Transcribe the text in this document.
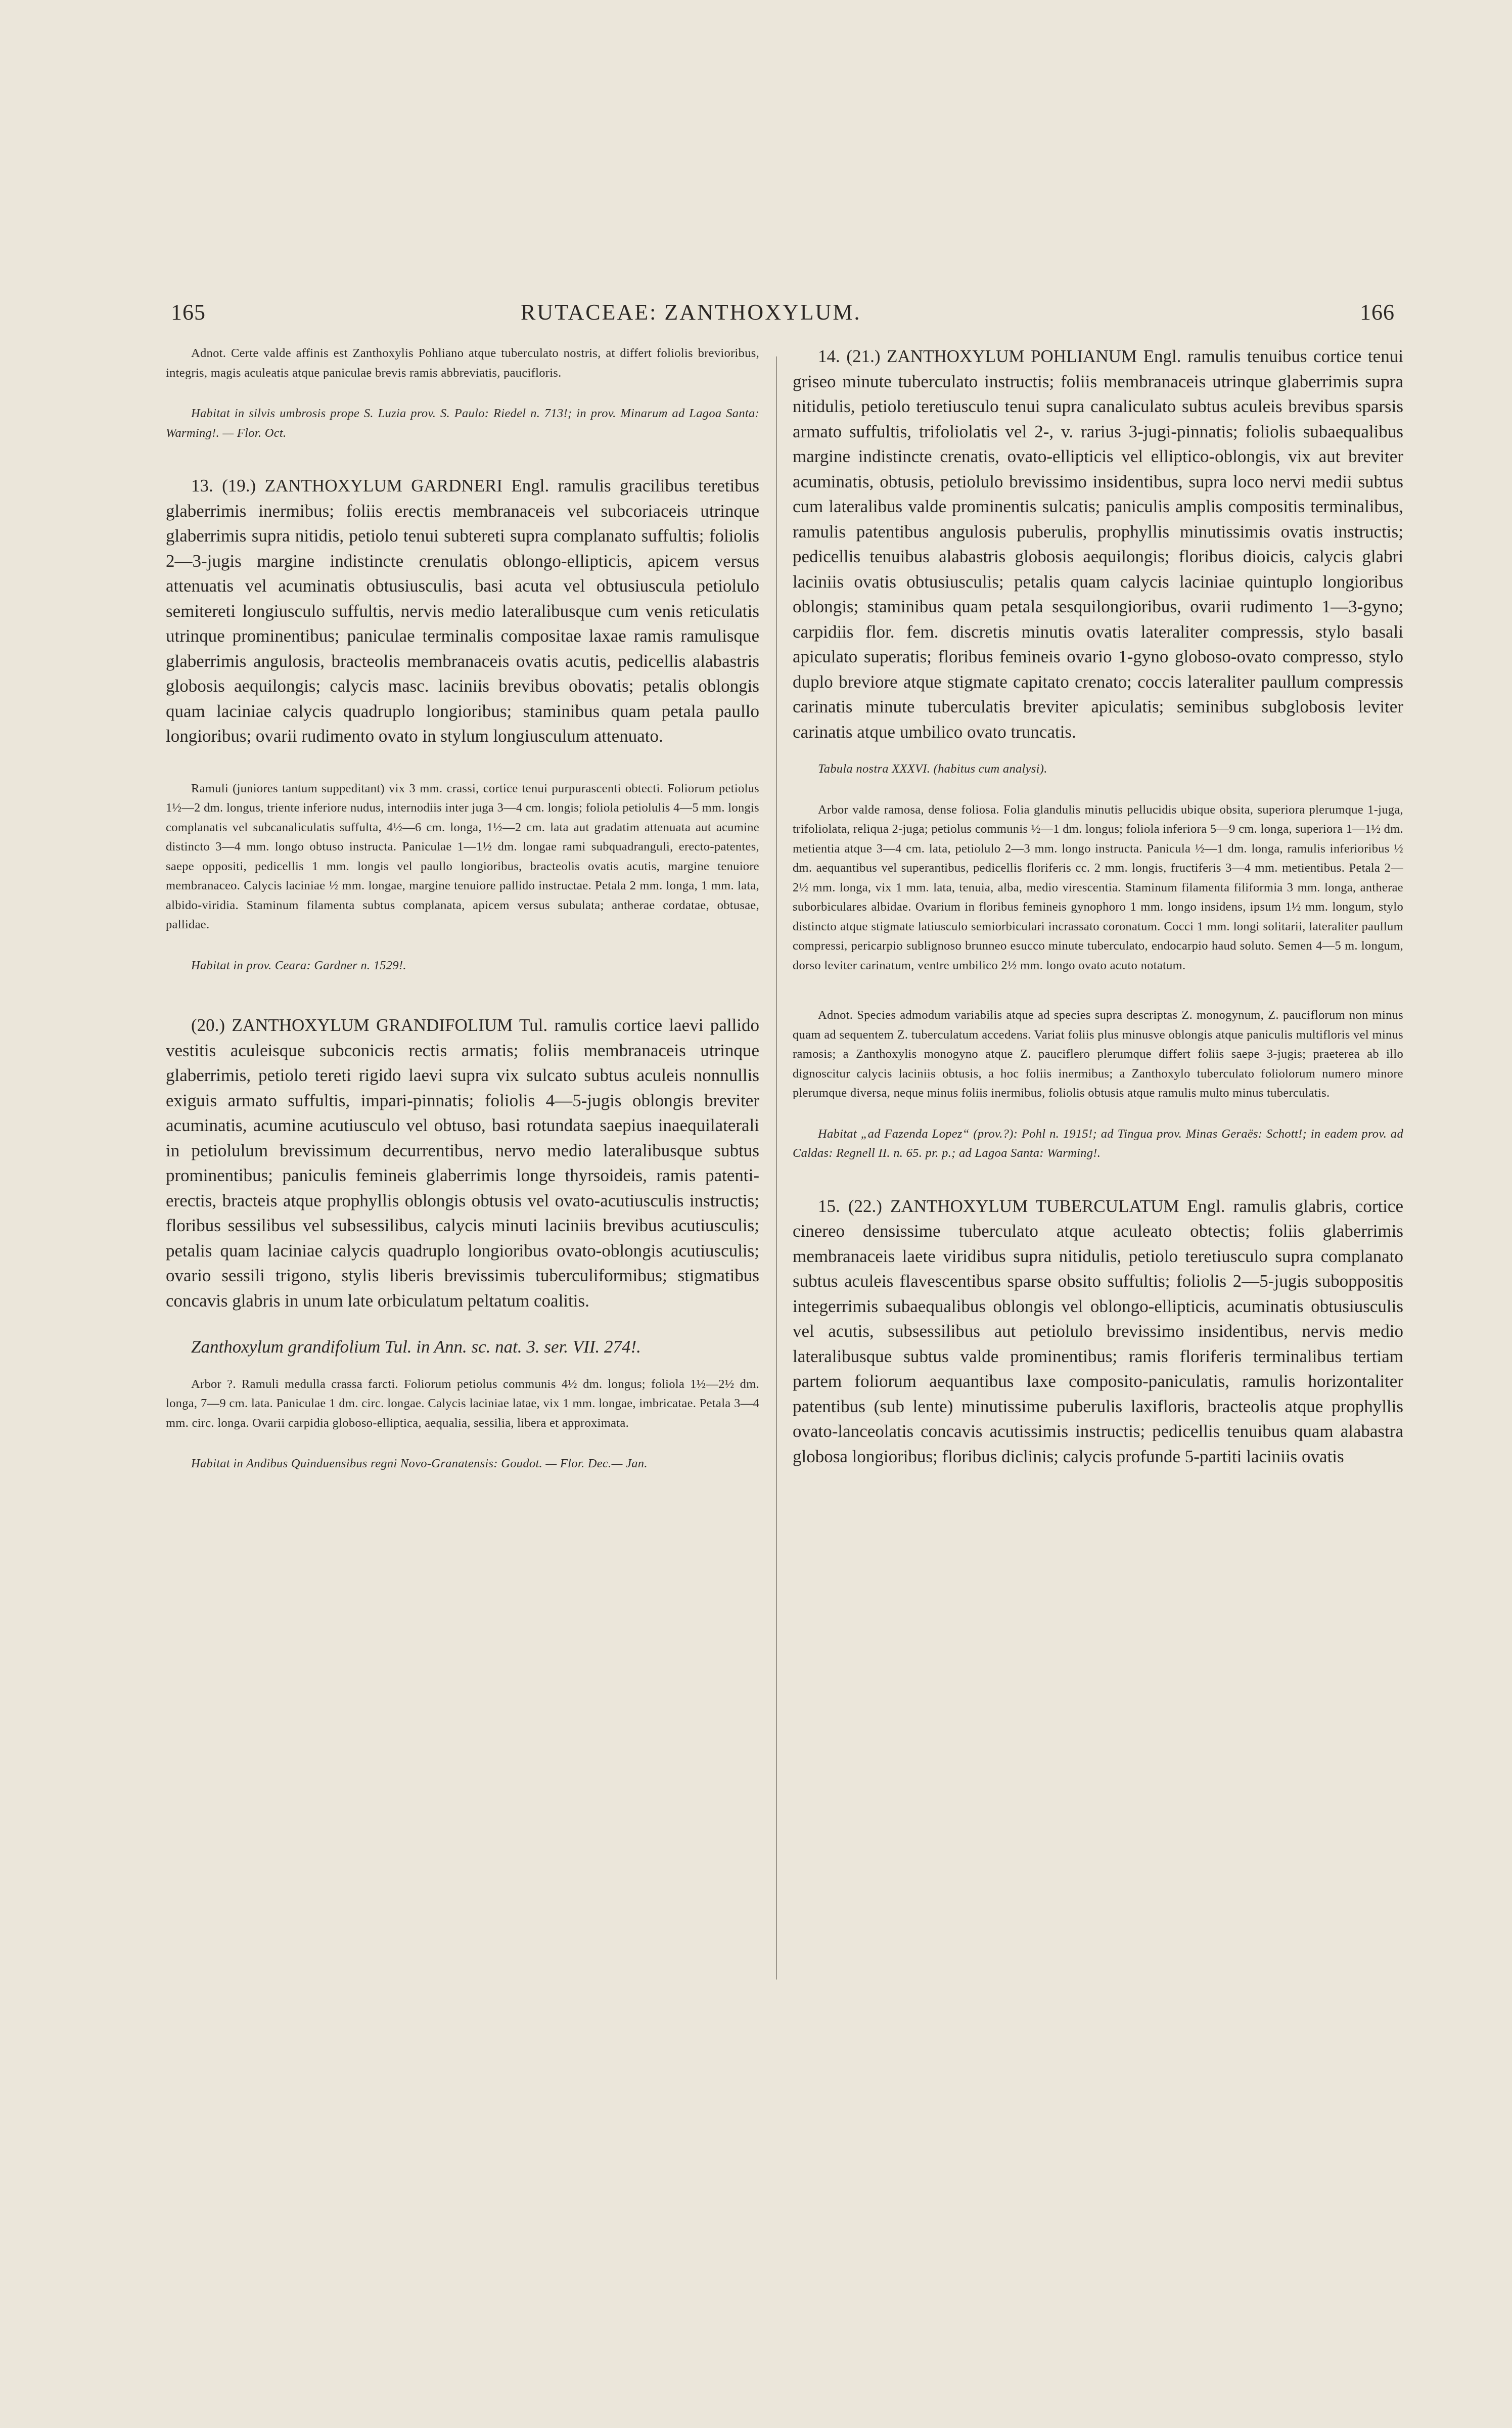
165	RUTACEAE: ZANTHOXYLUM.	166

Adnot. Certe valde affinis est Zanthoxylis Pohliano atque tuberculato nostris, at differt foliolis brevioribus, integris, magis aculeatis atque paniculae brevis ramis abbreviatis, paucifloris.

Habitat in silvis umbrosis prope S. Luzia prov. S. Paulo: Riedel n. 713!; in prov. Minarum ad Lagoa Santa: Warming!. — Flor. Oct.

13. (19.) ZANTHOXYLUM GARDNERI Engl. ramulis gracilibus teretibus glaberrimis inermibus; foliis erectis membranaceis vel subcoriaceis utrinque glaberrimis supra nitidis, petiolo tenui subtereti supra complanato suffultis; foliolis 2—3-jugis margine indistincte crenulatis oblongo-ellipticis, apicem versus attenuatis vel acuminatis obtusiusculis, basi acuta vel obtusiuscula petiolulo semitereti longiusculo suffultis, nervis medio lateralibusque cum venis reticulatis utrinque prominentibus; paniculae terminalis compositae laxae ramis ramulisque glaberrimis angulosis, bracteolis membranaceis ovatis acutis, pedicellis alabastris globosis aequilongis; calycis masc. laciniis brevibus obovatis; petalis oblongis quam laciniae calycis quadruplo longioribus; staminibus quam petala paullo longioribus; ovarii rudimento ovato in stylum longiusculum attenuato.

Ramuli (juniores tantum suppeditant) vix 3 mm. crassi, cortice tenui purpurascenti obtecti. Foliorum petiolus 1½—2 dm. longus, triente inferiore nudus, internodiis inter juga 3—4 cm. longis; foliola petiolulis 4—5 mm. longis complanatis vel subcanaliculatis suffulta, 4½—6 cm. longa, 1½—2 cm. lata aut gradatim attenuata aut acumine distincto 3—4 mm. longo obtuso instructa. Paniculae 1—1½ dm. longae rami subquadranguli, erecto-patentes, saepe oppositi, pedicellis 1 mm. longis vel paullo longioribus, bracteolis ovatis acutis, margine tenuiore membranaceo. Calycis laciniae ½ mm. longae, margine tenuiore pallido instructae. Petala 2 mm. longa, 1 mm. lata, albido-viridia. Staminum filamenta subtus complanata, apicem versus subulata; antherae cordatae, obtusae, pallidae.

Habitat in prov. Ceara: Gardner n. 1529!.

(20.) ZANTHOXYLUM GRANDIFOLIUM Tul. ramulis cortice laevi pallido vestitis aculeisque subconicis rectis armatis; foliis membranaceis utrinque glaberrimis, petiolo tereti rigido laevi supra vix sulcato subtus aculeis nonnullis exiguis armato suffultis, impari-pinnatis; foliolis 4—5-jugis oblongis breviter acuminatis, acumine acutiusculo vel obtuso, basi rotundata saepius inaequilaterali in petiolulum brevissimum decurrentibus, nervo medio lateralibusque subtus prominentibus; paniculis femineis glaberrimis longe thyrsoideis, ramis patenti-erectis, bracteis atque prophyllis oblongis obtusis vel ovato-acutiusculis instructis; floribus sessilibus vel subsessilibus, calycis minuti laciniis brevibus acutiusculis; petalis quam laciniae calycis quadruplo longioribus ovato-oblongis acutiusculis; ovario sessili trigono, stylis liberis brevissimis tuberculiformibus; stigmatibus concavis glabris in unum late orbiculatum peltatum coalitis.

Zanthoxylum grandifolium Tul. in Ann. sc. nat. 3. ser. VII. 274!.

Arbor ?. Ramuli medulla crassa farcti. Foliorum petiolus communis 4½ dm. longus; foliola 1½—2½ dm. longa, 7—9 cm. lata. Paniculae 1 dm. circ. longae. Calycis laciniae latae, vix 1 mm. longae, imbricatae. Petala 3—4 mm. circ. longa. Ovarii carpidia globoso-elliptica, aequalia, sessilia, libera et approximata.

Habitat in Andibus Quinduensibus regni Novo-Granatensis: Goudot. — Flor. Dec.— Jan.

14. (21.) ZANTHOXYLUM POHLIANUM Engl. ramulis tenuibus cortice tenui griseo minute tuberculato instructis; foliis membranaceis utrinque glaberrimis supra nitidulis, petiolo teretiusculo tenui supra canaliculato subtus aculeis brevibus sparsis armato suffultis, trifoliolatis vel 2-, v. rarius 3-jugi-pinnatis; foliolis subaequalibus margine indistincte crenatis, ovato-ellipticis vel elliptico-oblongis, vix aut breviter acuminatis, obtusis, petiolulo brevissimo insidentibus, supra loco nervi medii subtus cum lateralibus valde prominentis sulcatis; paniculis amplis compositis terminalibus, ramulis patentibus angulosis puberulis, prophyllis minutissimis ovatis instructis; pedicellis tenuibus alabastris globosis aequilongis; floribus dioicis, calycis glabri laciniis ovatis obtusiusculis; petalis quam calycis laciniae quintuplo longioribus oblongis; staminibus quam petala sesquilongioribus, ovarii rudimento 1—3-gyno; carpidiis flor. fem. discretis minutis ovatis lateraliter compressis, stylo basali apiculato superatis; floribus femineis ovario 1-gyno globoso-ovato compresso, stylo duplo breviore atque stigmate capitato crenato; coccis lateraliter paullum compressis carinatis minute tuberculatis breviter apiculatis; seminibus subglobosis leviter carinatis atque umbilico ovato truncatis.

Tabula nostra XXXVI. (habitus cum analysi).

Arbor valde ramosa, dense foliosa. Folia glandulis minutis pellucidis ubique obsita, superiora plerumque 1-juga, trifoliolata, reliqua 2-juga; petiolus communis ½—1 dm. longus; foliola inferiora 5—9 cm. longa, superiora 1—1½ dm. metientia atque 3—4 cm. lata, petiolulo 2—3 mm. longo instructa. Panicula ½—1 dm. longa, ramulis inferioribus ½ dm. aequantibus vel superantibus, pedicellis floriferis cc. 2 mm. longis, fructiferis 3—4 mm. metientibus. Petala 2—2½ mm. longa, vix 1 mm. lata, tenuia, alba, medio virescentia. Staminum filamenta filiformia 3 mm. longa, antherae suborbiculares albidae. Ovarium in floribus femineis gynophoro 1 mm. longo insidens, ipsum 1½ mm. longum, stylo distincto atque stigmate latiusculo semiorbiculari incrassato coronatum. Cocci 1 mm. longi solitarii, lateraliter paullum compressi, pericarpio sublignoso brunneo esucco minute tuberculato, endocarpio haud soluto. Semen 4—5 m. longum, dorso leviter carinatum, ventre umbilico 2½ mm. longo ovato acuto notatum.

Adnot. Species admodum variabilis atque ad species supra descriptas Z. monogynum, Z. pauciflorum non minus quam ad sequentem Z. tuberculatum accedens. Variat foliis plus minusve oblongis atque paniculis multifloris vel minus ramosis; a Zanthoxylis monogyno atque Z. pauciflero plerumque differt foliis saepe 3-jugis; praeterea ab illo dignoscitur calycis laciniis obtusis, a hoc foliis inermibus; a Zanthoxylo tuberculato foliolorum numero minore plerumque diversa, neque minus foliis inermibus, foliolis obtusis atque ramulis multo minus tuberculatis.

Habitat „ad Fazenda Lopez“ (prov.?): Pohl n. 1915!; ad Tingua prov. Minas Geraës: Schott!; in eadem prov. ad Caldas: Regnell II. n. 65. pr. p.; ad Lagoa Santa: Warming!.

15. (22.) ZANTHOXYLUM TUBERCULATUM Engl. ramulis glabris, cortice cinereo densissime tuberculato atque aculeato obtectis; foliis glaberrimis membranaceis laete viridibus supra nitidulis, petiolo teretiusculo supra complanato subtus aculeis flavescentibus sparse obsito suffultis; foliolis 2—5-jugis suboppositis integerrimis subaequalibus oblongis vel oblongo-ellipticis, acuminatis obtusiusculis vel acutis, subsessilibus aut petiolulo brevissimo insidentibus, nervis medio lateralibusque subtus valde prominentibus; ramis floriferis terminalibus tertiam partem foliorum aequantibus laxe composito-paniculatis, ramulis horizontaliter patentibus (sub lente) minutissime puberulis laxifloris, bracteolis atque prophyllis ovato-lanceolatis concavis acutissimis instructis; pedicellis tenuibus quam alabastra globosa longioribus; floribus diclinis; calycis profunde 5-partiti laciniis ovatis
